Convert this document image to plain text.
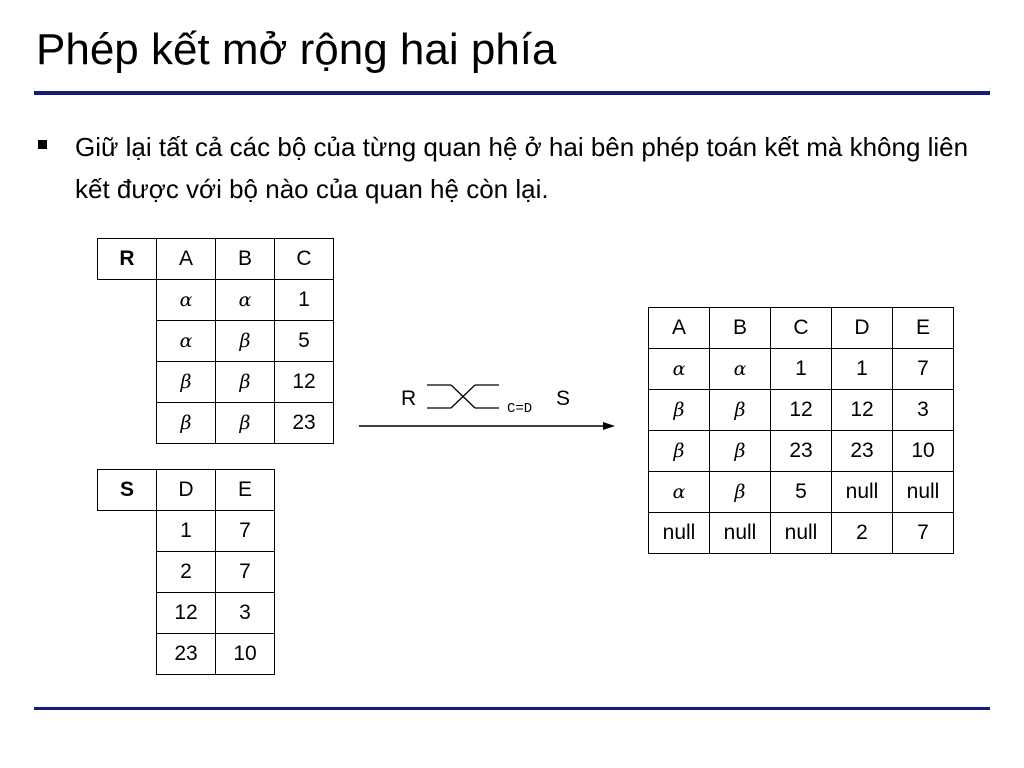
Phép kết mở rộng hai phía
Giữ lại tất cả các bộ của từng quan hệ ở hai bên phép toán kết mà không liên kết được với bộ nào của quan hệ còn lại.
R	A	B	C
	α	α	1
	α	β	5
	β	β	12
	β	β	23
S	D	E
	1	7
	2	7
	12	3
	23	10
R	C=D S
A	B	C	D	E
α	α	1	1	7
β	β	12	12	3
β	β	23	23	10
α	β	5	null	null
null	null	null	2	7
